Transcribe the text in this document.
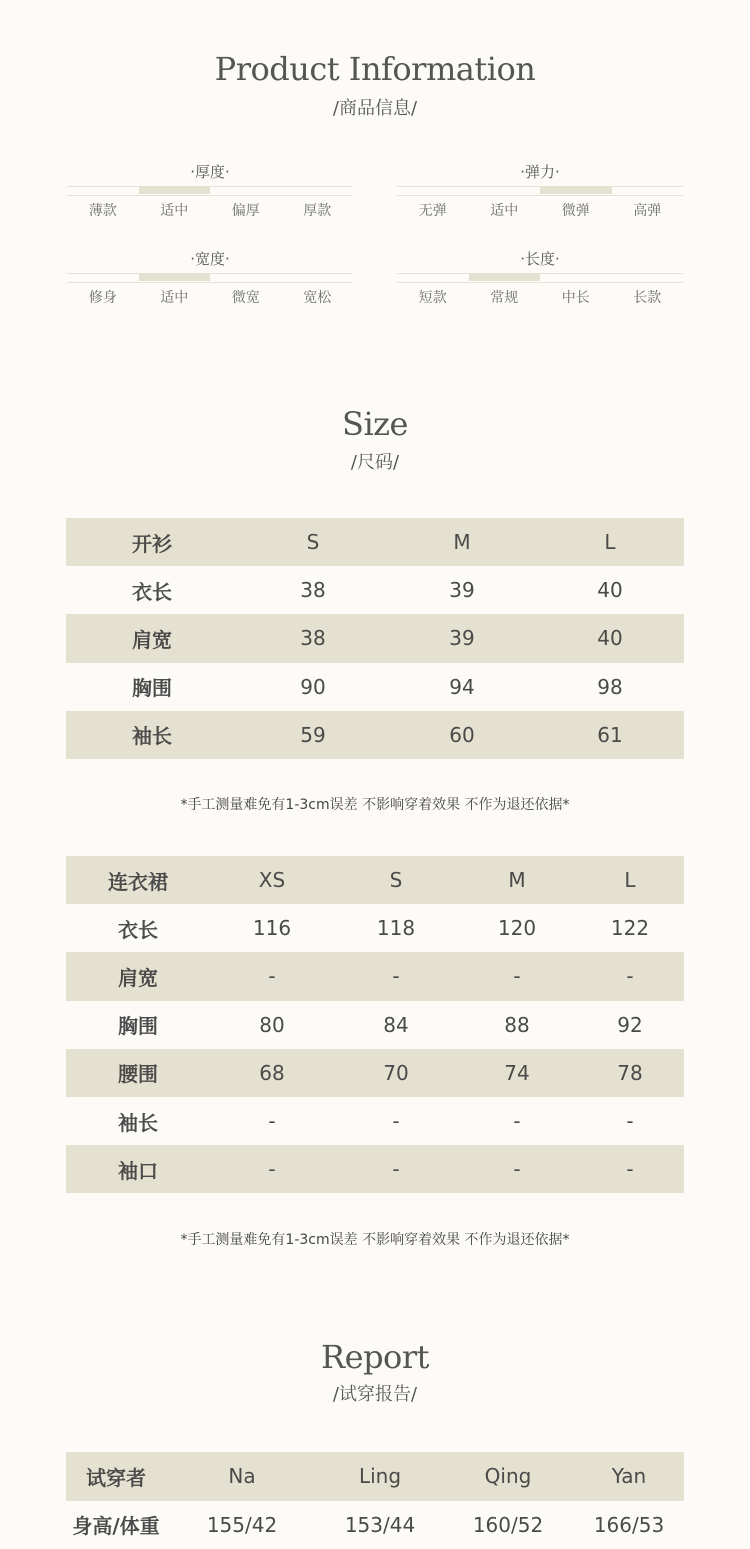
Product Information
/商品信息/
·厚度·
薄款	适中	偏厚	厚款
·弹力·
无弹	适中	微弹	高弹
·宽度·
修身	适中	微宽	宽松
·长度·
短款	常规	中长	长款
Size
/尺码/
开衫	S	M	L
衣长	38	39	40
肩宽	38	39	40
胸围	90	94	98
袖长	59	60	61
*手工测量难免有1-3cm误差 不影响穿着效果 不作为退还依据*
连衣裙	XS	S	M	L
衣长	116	118	120	122
肩宽	-	-	-	-
胸围	80	84	88	92
腰围	68	70	74	78
袖长	-	-	-	-
袖口	-	-	-	-
*手工测量难免有1-3cm误差 不影响穿着效果 不作为退还依据*
Report
/试穿报告/
试穿者	Na	Ling	Qing	Yan
身高/体重	155/42	153/44	160/52	166/53
